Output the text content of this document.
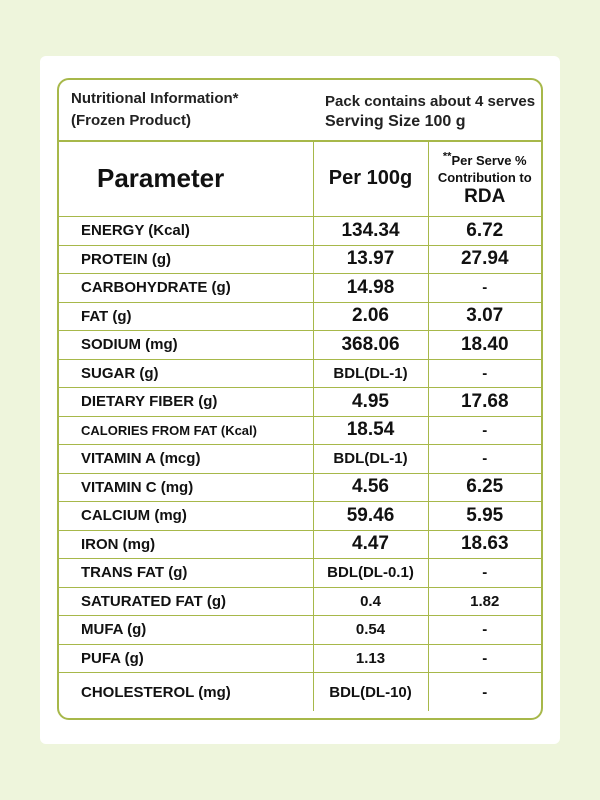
Nutritional Information*
(Frozen Product)
Pack contains about 4 serves
Serving Size 100 g
Parameter	Per 100g	**Per Serve %
Contribution to
RDA

ENERGY (Kcal)	134.34	6.72
PROTEIN (g)	13.97	27.94
CARBOHYDRATE (g)	14.98	-
FAT (g)	2.06	3.07
SODIUM (mg)	368.06	18.40
SUGAR (g)	BDL(DL-1)	-
DIETARY FIBER (g)	4.95	17.68
CALORIES FROM FAT (Kcal)	18.54	-
VITAMIN A (mcg)	BDL(DL-1)	-
VITAMIN C (mg)	4.56	6.25
CALCIUM (mg)	59.46	5.95
IRON (mg)	4.47	18.63
TRANS FAT (g)	BDL(DL-0.1)	-
SATURATED FAT (g)	0.4	1.82
MUFA (g)	0.54	-
PUFA (g)	1.13	-
CHOLESTEROL (mg)	BDL(DL-10)	-
